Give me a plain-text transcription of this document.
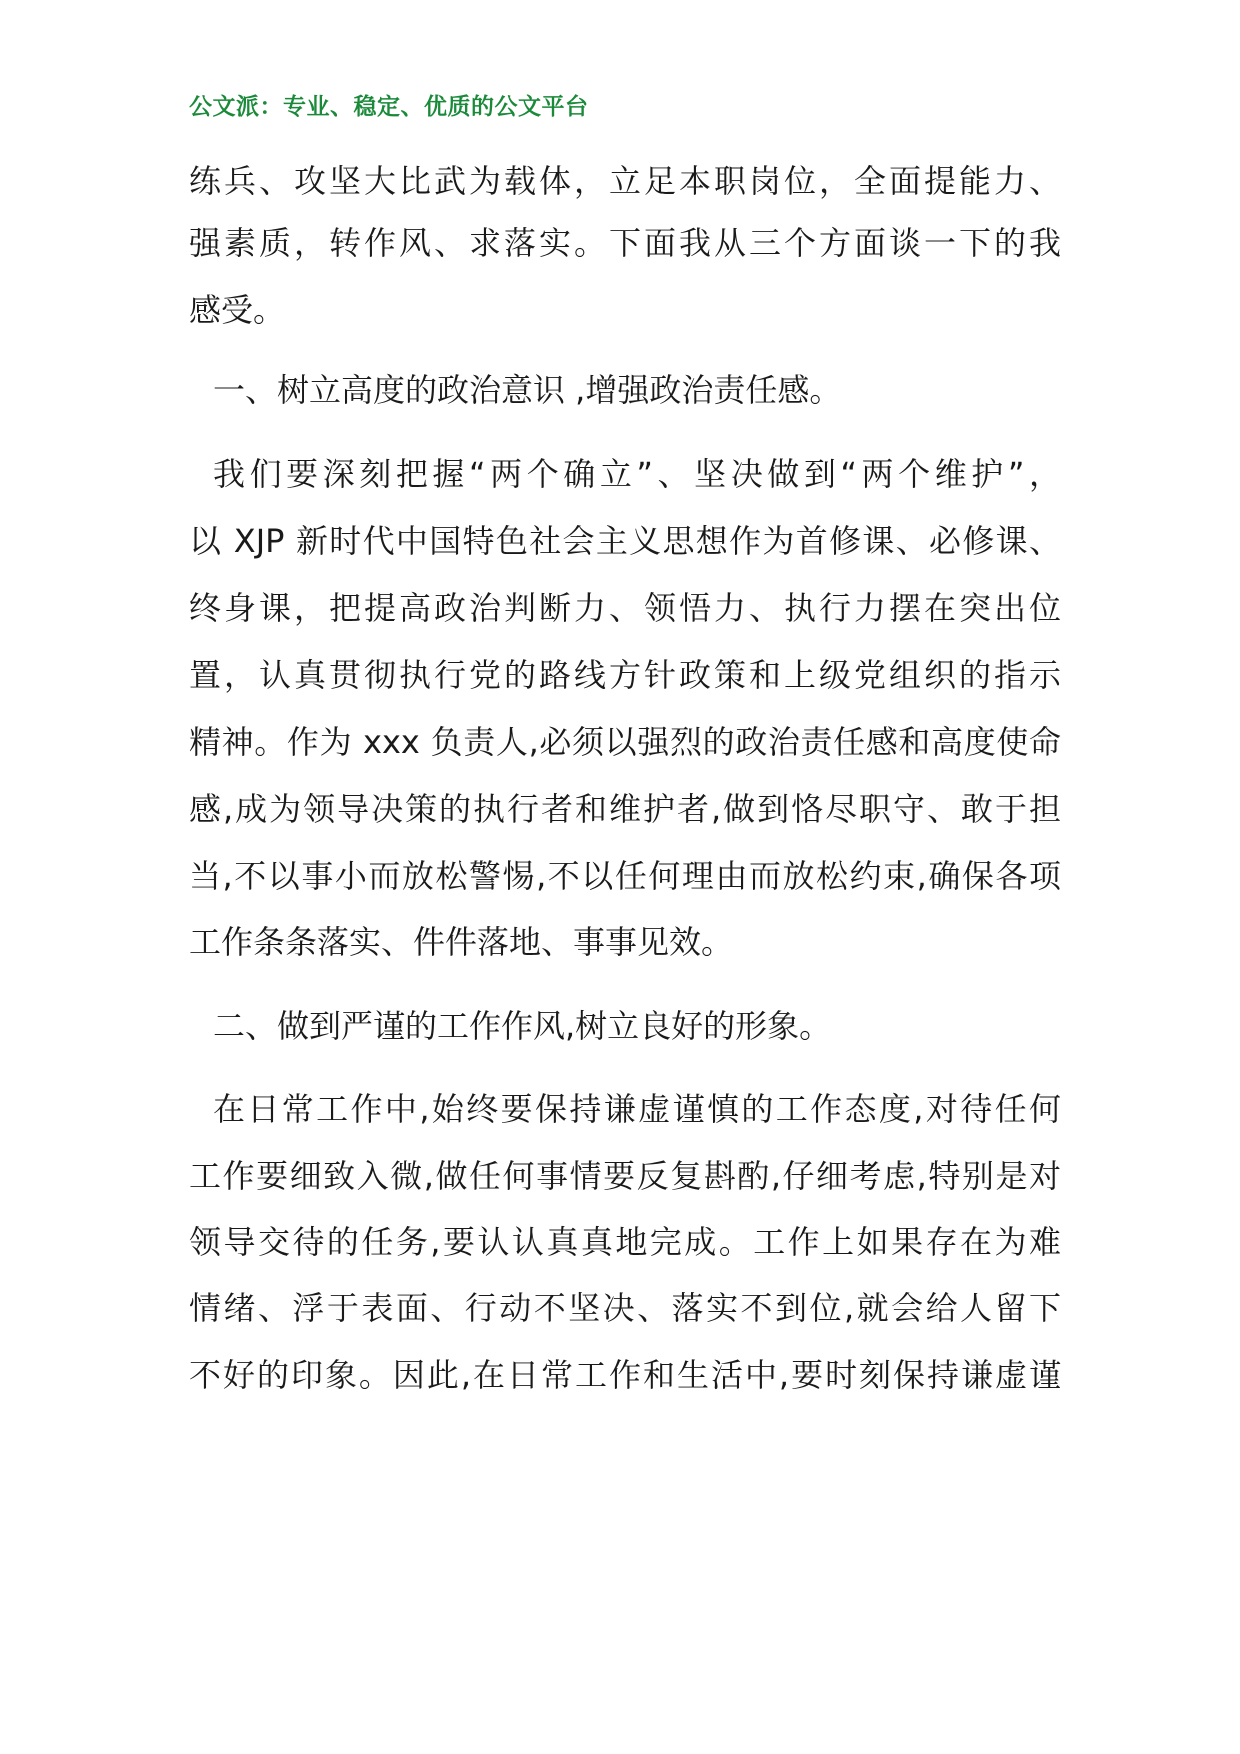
公文派：专业、稳定、优质的公文平台
练兵、攻坚大比武为载体，立足本职岗位，全面提能力、
强素质，转作风、求落实。下面我从三个方面谈一下的我
感受。
一、树立高度的政治意识 ,增强政治责任感。
我们要深刻把握“两个确立”、坚决做到“两个维护”，
以 XJP 新时代中国特色社会主义思想作为首修课、必修课、
终身课，把提高政治判断力、领悟力、执行力摆在突出位
置，认真贯彻执行党的路线方针政策和上级党组织的指示
精神。作为 xxx 负责人,必须以强烈的政治责任感和高度使命
感,成为领导决策的执行者和维护者,做到恪尽职守、敢于担
当,不以事小而放松警惕,不以任何理由而放松约束,确保各项
工作条条落实、件件落地、事事见效。
二、做到严谨的工作作风,树立良好的形象。
在日常工作中,始终要保持谦虚谨慎的工作态度,对待任何
工作要细致入微,做任何事情要反复斟酌,仔细考虑,特别是对
领导交待的任务,要认认真真地完成。工作上如果存在为难
情绪、浮于表面、行动不坚决、落实不到位,就会给人留下
不好的印象。因此,在日常工作和生活中,要时刻保持谦虚谨
